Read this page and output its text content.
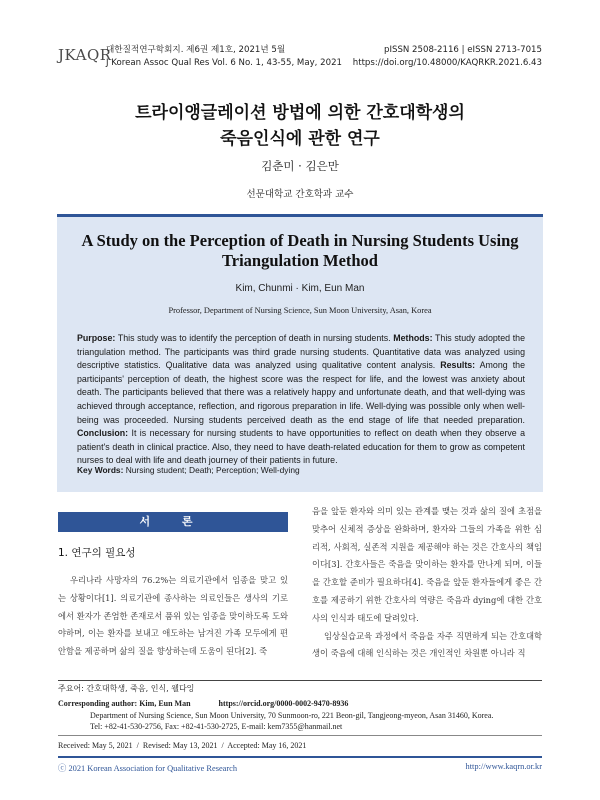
JKAQR
대한질적연구학회지. 제6권 제1호, 2021년 5월
J Korean Assoc Qual Res Vol. 6 No. 1, 43-55, May, 2021
pISSN 2508-2116 | eISSN 2713-7015
https://doi.org/10.48000/KAQRKR.2021.6.43
트라이앵글레이션 방법에 의한 간호대학생의
죽음인식에 관한 연구
김춘미 · 김은만
선문대학교 간호학과 교수
A Study on the Perception of Death in Nursing Students Using
Triangulation Method
Kim, Chunmi · Kim, Eun Man
Professor, Department of Nursing Science, Sun Moon University, Asan, Korea
Purpose: This study was to identify the perception of death in nursing students. Methods: This study adopted the triangulation method. The participants was third grade nursing students. Quantitative data was analyzed using descriptive statistics. Qualitative data was analyzed using qualitative content analysis. Results: Among the participants' perception of death, the highest score was the respect for life, and the lowest was anxiety about death. The participants believed that there was a relatively happy and unfortunate death, and that well-dying was achieved through acceptance, reflection, and rigorous preparation in life. Well-dying was possible only when well-being was proceeded. Nursing students perceived death as the end stage of life that needed preparation. Conclusion: It is necessary for nursing students to have opportunities to reflect on death when they observe a patient's death in clinical practice. Also, they need to have death-related education for them to grow as competent nurses to deal with life and death journey of their patients in future.
Key Words: Nursing student; Death; Perception; Well-dying
서 론
1. 연구의 필요성
우리나라 사망자의 76.2%는 의료기관에서 임종을 맞고 있는 상황이다[1]. 의료기관에 종사하는 의료인들은 생사의 기로에서 환자가 존엄한 존재로서 품위 있는 임종을 맞이하도록 도와야하며, 이는 환자를 보내고 애도하는 남겨진 가족 모두에게 편안함을 제공하며 삶의 질을 향상하는데 도움이 된다[2]. 죽

음을 앞둔 환자와 의미 있는 관계를 맺는 것과 삶의 질에 초점을 맞추어 신체적 증상을 완화하며, 환자와 그들의 가족을 위한 심리적, 사회적, 실존적 지원을 제공해야 하는 것은 간호사의 책임이다[3]. 간호사들은 죽음을 맞이하는 환자를 만나게 되며, 이들을 간호할 준비가 필요하다[4]. 죽음을 앞둔 환자들에게 좋은 간호를 제공하기 위한 간호사의 역량은 죽음과 dying에 대한 간호사의 인식과 태도에 달려있다.

임상실습교육 과정에서 죽음을 자주 직면하게 되는 간호대학생이 죽음에 대해 인식하는 것은 개인적인 차원뿐 아니라 직

주요어: 간호대학생, 죽음, 인식, 웰다잉
Corresponding author: Kim, Eun Man	https://orcid.org/0000-0002-9470-8936
Department of Nursing Science, Sun Moon University, 70 Sunmoon-ro, 221 Beon-gil, Tangjeong-myeon, Asan 31460, Korea.
Tel: +82-41-530-2756, Fax: +82-41-530-2725, E-mail: kem7355@hanmail.net
Received: May 5, 2021  /  Revised: May 13, 2021  /  Accepted: May 16, 2021
ⓒ 2021 Korean Association for Qualitative Research	http://www.kaqrn.or.kr
